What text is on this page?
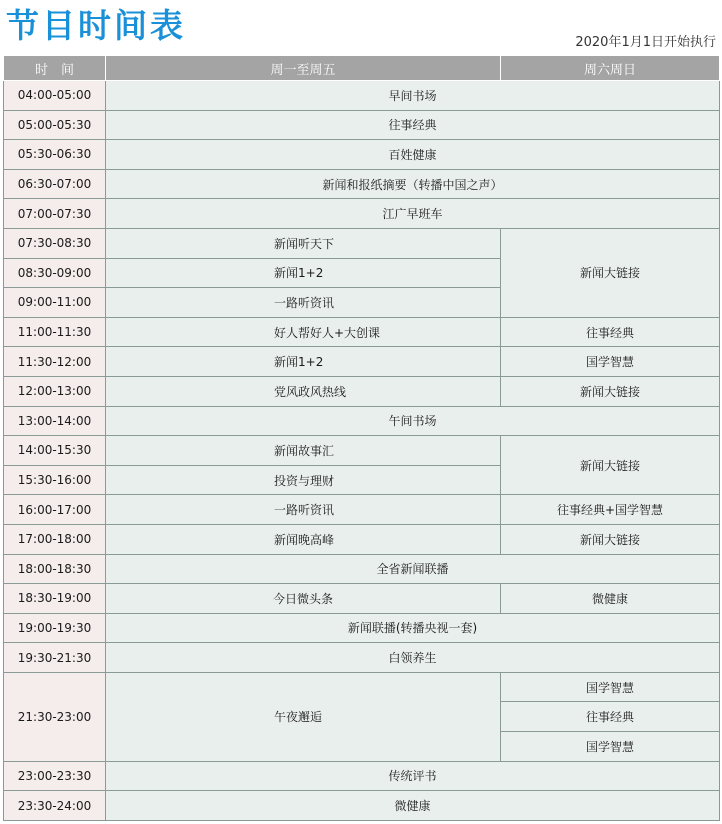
节目时间表	2020年1月1日开始执行
时　间	周一至周五	周六周日
04:00-05:00	早间书场	
05:00-05:30	往事经典	
05:30-06:30	百姓健康	
06:30-07:00	新闻和报纸摘要（转播中国之声）	
07:00-07:30	江广早班车	
07:30-08:30	新闻听天下	新闻大链接
08:30-09:00	新闻1+2	
09:00-11:00	一路听资讯	
11:00-11:30	好人帮好人+大创课	往事经典
11:30-12:00	新闻1+2	国学智慧
12:00-13:00	党风政风热线	新闻大链接
13:00-14:00	午间书场	
14:00-15:30	新闻故事汇	新闻大链接
15:30-16:00	投资与理财	
16:00-17:00	一路听资讯	往事经典+国学智慧
17:00-18:00	新闻晚高峰	新闻大链接
18:00-18:30	全省新闻联播	
18:30-19:00	今日微头条	微健康
19:00-19:30	新闻联播(转播央视一套)	
19:30-21:30	白领养生	
21:30-23:00	午夜邂逅	国学智慧
		往事经典
		国学智慧
23:00-23:30	传统评书	
23:30-24:00	微健康	
